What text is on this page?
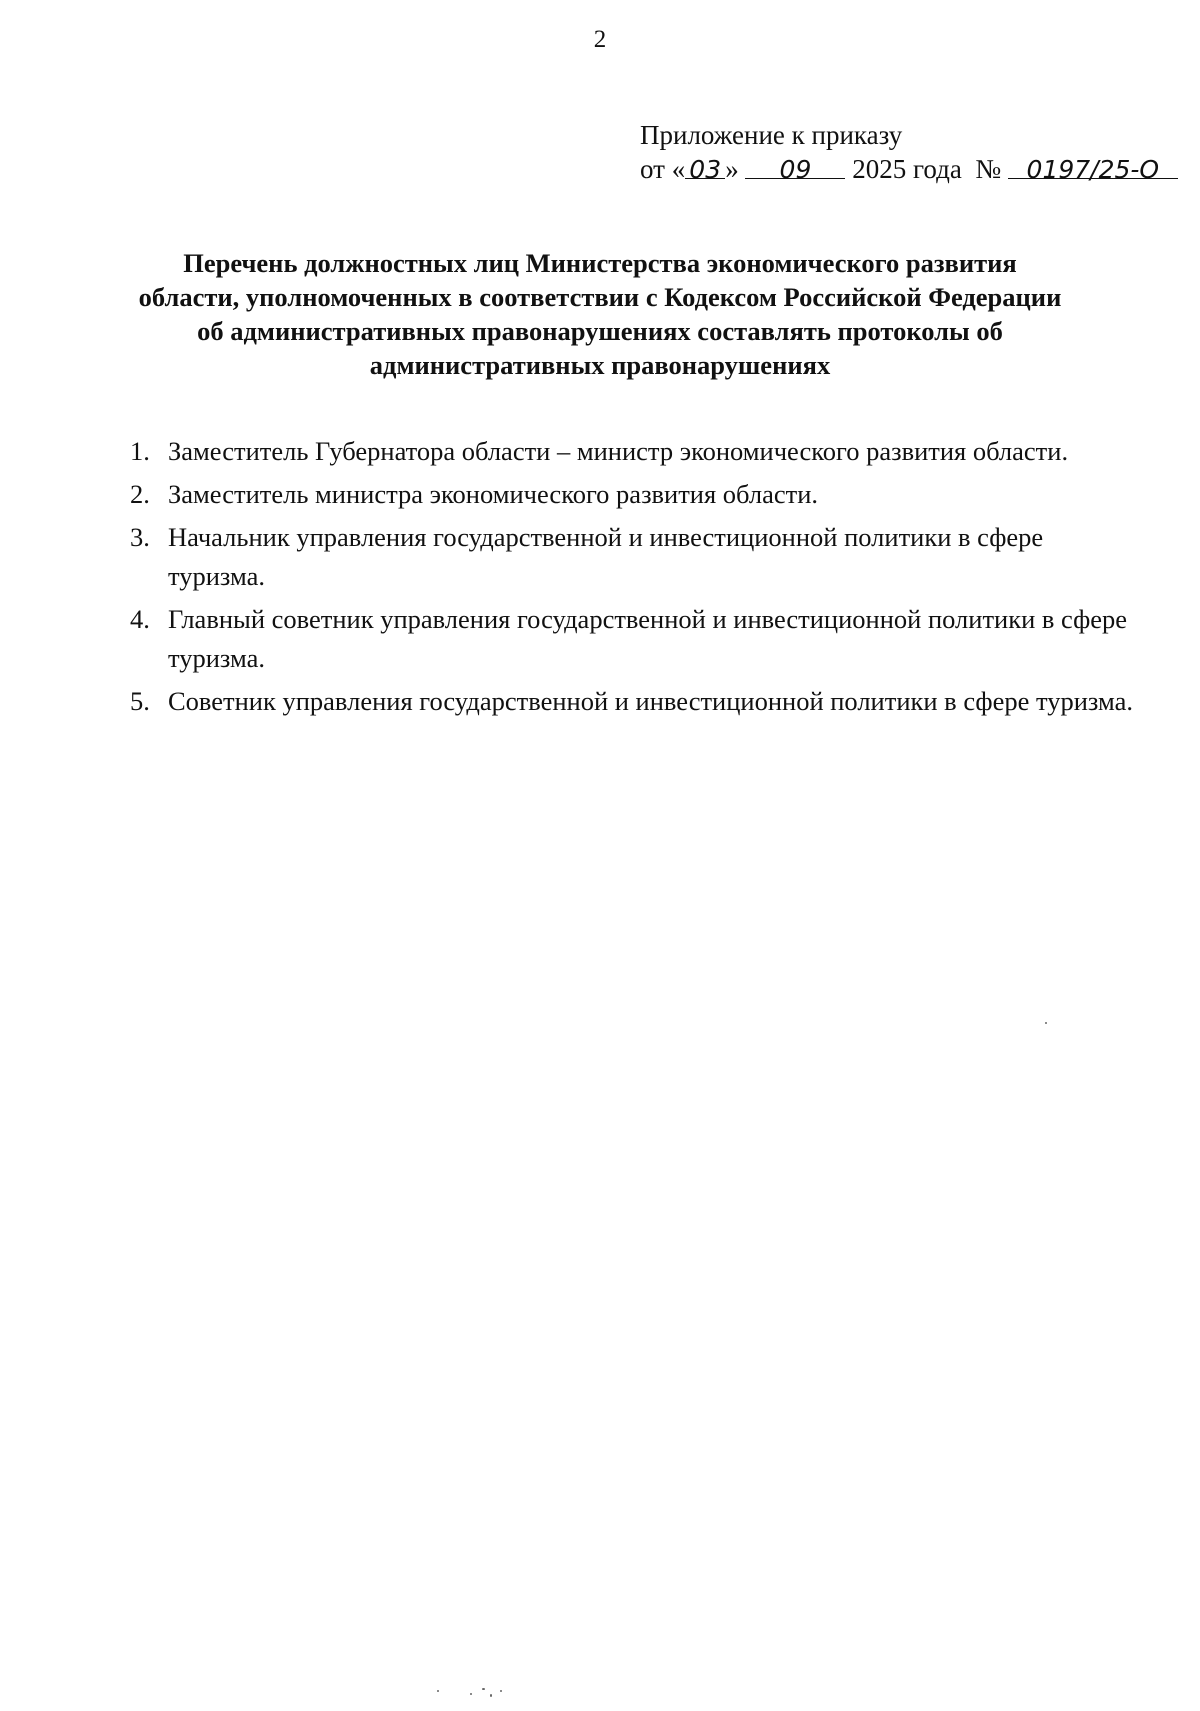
2
Приложение к приказу
от « 03 » 09 2025 года № 0197/25-О
Перечень должностных лиц Министерства экономического развития
области, уполномоченных в соответствии с Кодексом Российской Федерации
об административных правонарушениях составлять протоколы об
административных правонарушениях
1. Заместитель Губернатора области – министр экономического развития области.
2. Заместитель министра экономического развития области.
3. Начальник управления государственной и инвестиционной политики в сфере туризма.
4. Главный советник управления государственной и инвестиционной политики в сфере туризма.
5. Советник управления государственной и инвестиционной политики в сфере туризма.
